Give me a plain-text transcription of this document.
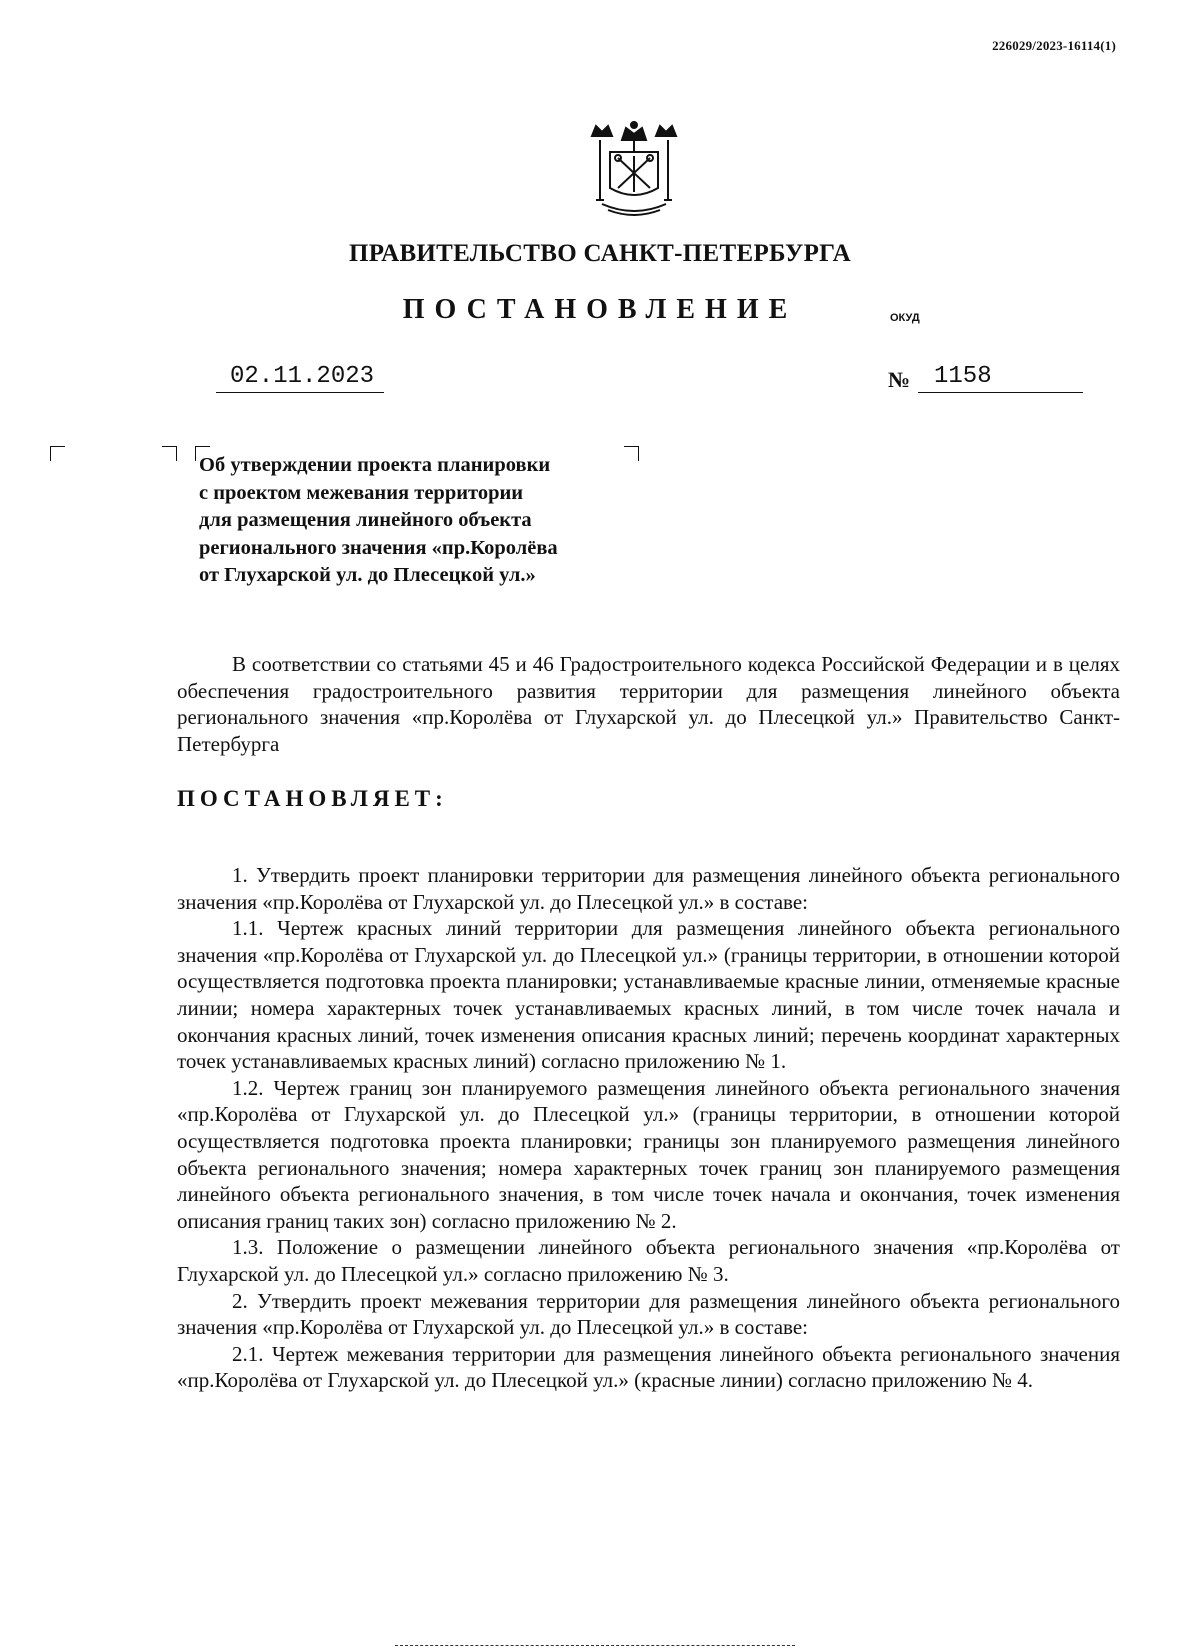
226029/2023-16114(1)
ПРАВИТЕЛЬСТВО САНКТ-ПЕТЕРБУРГА
ПОСТАНОВЛЕНИЕ	ОКУД
02.11.2023	№ 1158
Об утверждении проекта планировки
с проектом межевания территории
для размещения линейного объекта
регионального значения «пр.Королёва
от Глухарской ул. до Плесецкой ул.»

В соответствии со статьями 45 и 46 Градостроительного кодекса Российской Федерации и в целях обеспечения градостроительного развития территории для размещения линейного объекта регионального значения «пр.Королёва от Глухарской ул. до Плесецкой ул.» Правительство Санкт-Петербурга

ПОСТАНОВЛЯЕТ:

1. Утвердить проект планировки территории для размещения линейного объекта регионального значения «пр.Королёва от Глухарской ул. до Плесецкой ул.» в составе:

1.1. Чертеж красных линий территории для размещения линейного объекта регионального значения «пр.Королёва от Глухарской ул. до Плесецкой ул.» (границы территории, в отношении которой осуществляется подготовка проекта планировки; устанавливаемые красные линии, отменяемые красные линии; номера характерных точек устанавливаемых красных линий, в том числе точек начала и окончания красных линий, точек изменения описания красных линий; перечень координат характерных точек устанавливаемых красных линий) согласно приложению № 1.

1.2. Чертеж границ зон планируемого размещения линейного объекта регионального значения «пр.Королёва от Глухарской ул. до Плесецкой ул.» (границы территории, в отношении которой осуществляется подготовка проекта планировки; границы зон планируемого размещения линейного объекта регионального значения; номера характерных точек границ зон планируемого размещения линейного объекта регионального значения, в том числе точек начала и окончания, точек изменения описания границ таких зон) согласно приложению № 2.

1.3. Положение о размещении линейного объекта регионального значения «пр.Королёва от Глухарской ул. до Плесецкой ул.» согласно приложению № 3.

2. Утвердить проект межевания территории для размещения линейного объекта регионального значения «пр.Королёва от Глухарской ул. до Плесецкой ул.» в составе:

2.1. Чертеж межевания территории для размещения линейного объекта регионального значения «пр.Королёва от Глухарской ул. до Плесецкой ул.» (красные линии) согласно приложению № 4.
